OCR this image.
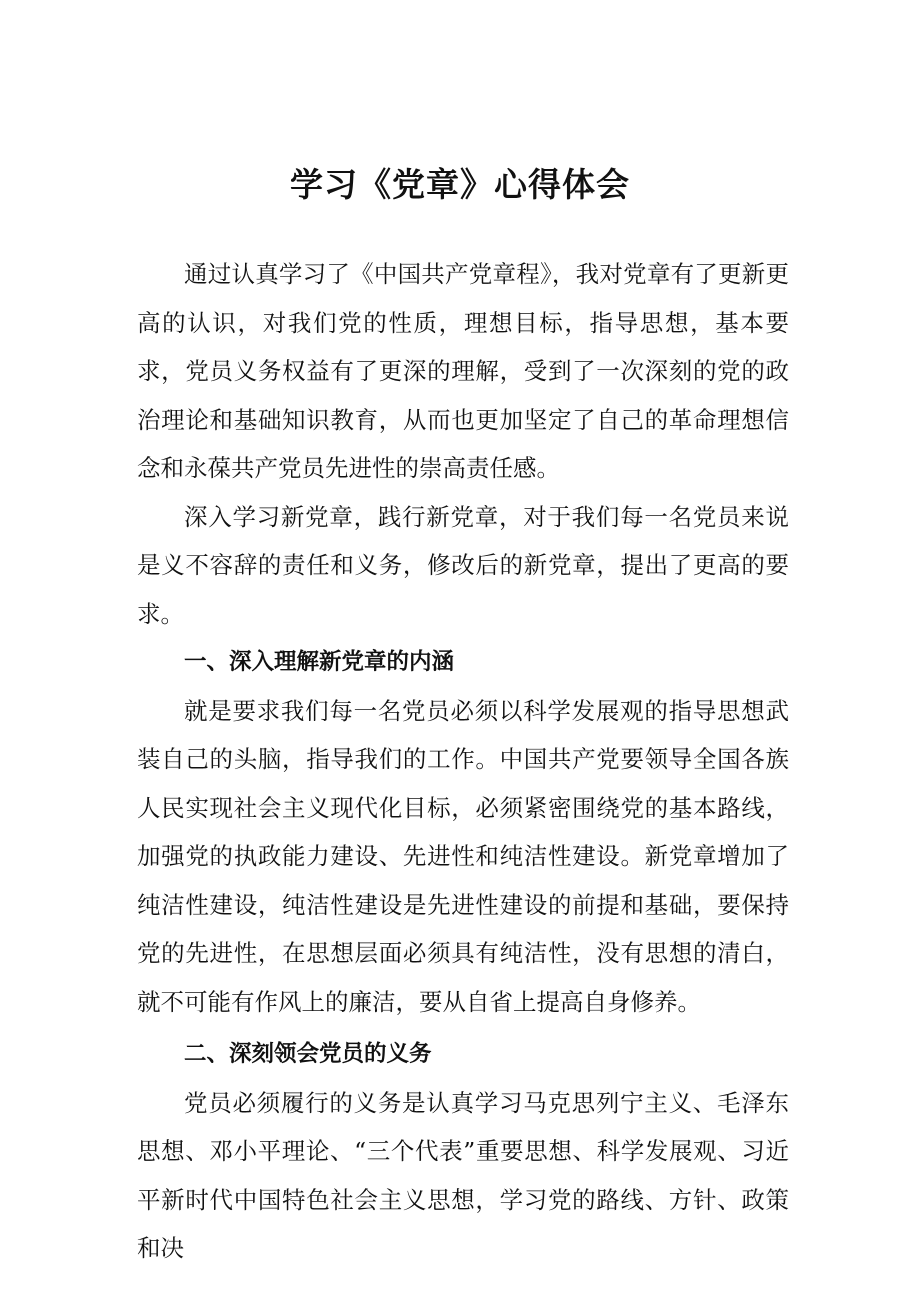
学习《党章》心得体会

通过认真学习了《中国共产党章程》，我对党章有了更新更高的认识，对我们党的性质，理想目标，指导思想，基本要求，党员义务权益有了更深的理解，受到了一次深刻的党的政治理论和基础知识教育，从而也更加坚定了自己的革命理想信念和永葆共产党员先进性的崇高责任感。

深入学习新党章，践行新党章，对于我们每一名党员来说是义不容辞的责任和义务，修改后的新党章，提出了更高的要求。

一、深入理解新党章的内涵

就是要求我们每一名党员必须以科学发展观的指导思想武装自己的头脑，指导我们的工作。中国共产党要领导全国各族人民实现社会主义现代化目标，必须紧密围绕党的基本路线，加强党的执政能力建设、先进性和纯洁性建设。新党章增加了纯洁性建设，纯洁性建设是先进性建设的前提和基础，要保持党的先进性，在思想层面必须具有纯洁性，没有思想的清白，就不可能有作风上的廉洁，要从自省上提高自身修养。

二、深刻领会党员的义务

党员必须履行的义务是认真学习马克思列宁主义、毛泽东思想、邓小平理论、“三个代表”重要思想、科学发展观、习近平新时代中国特色社会主义思想，学习党的路线、方针、政策和决
